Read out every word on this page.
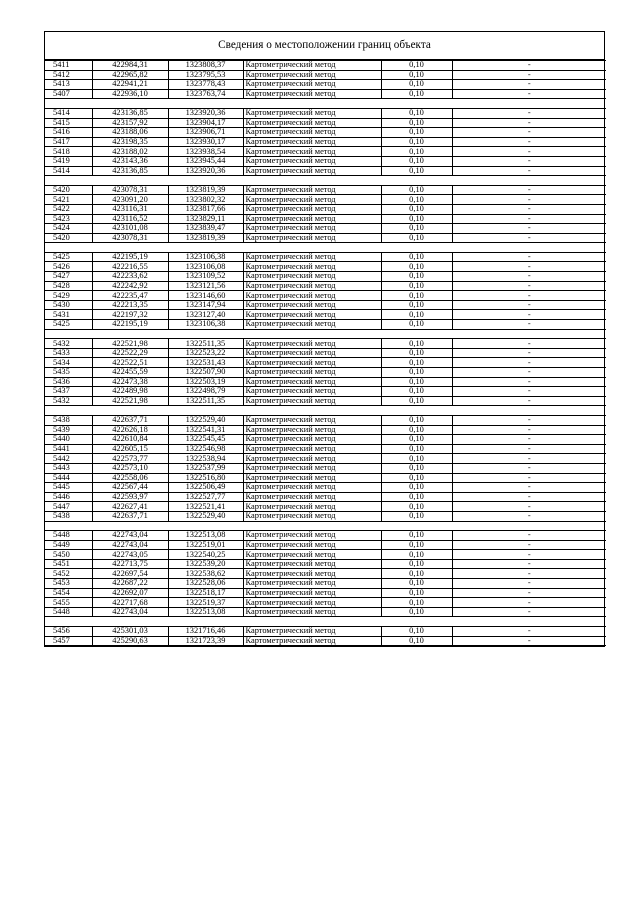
Сведения о местоположении границ объекта
5411	422984,31	1323808,37	Картометрический метод	0,10	-
5412	422965,82	1323795,53	Картометрический метод	0,10	-
5413	422941,21	1323778,43	Картометрический метод	0,10	-
5407	422936,10	1323763,74	Картометрический метод	0,10	-

5414	423136,85	1323920,36	Картометрический метод	0,10	-
5415	423157,92	1323904,17	Картометрический метод	0,10	-
5416	423188,06	1323906,71	Картометрический метод	0,10	-
5417	423198,35	1323930,17	Картометрический метод	0,10	-
5418	423188,02	1323938,54	Картометрический метод	0,10	-
5419	423143,36	1323945,44	Картометрический метод	0,10	-
5414	423136,85	1323920,36	Картометрический метод	0,10	-

5420	423078,31	1323819,39	Картометрический метод	0,10	-
5421	423091,20	1323802,32	Картометрический метод	0,10	-
5422	423116,31	1323817,66	Картометрический метод	0,10	-
5423	423116,52	1323829,11	Картометрический метод	0,10	-
5424	423101,08	1323839,47	Картометрический метод	0,10	-
5420	423078,31	1323819,39	Картометрический метод	0,10	-

5425	422195,19	1323106,38	Картометрический метод	0,10	-
5426	422216,55	1323106,08	Картометрический метод	0,10	-
5427	422233,62	1323109,52	Картометрический метод	0,10	-
5428	422242,92	1323121,56	Картометрический метод	0,10	-
5429	422235,47	1323146,60	Картометрический метод	0,10	-
5430	422213,35	1323147,94	Картометрический метод	0,10	-
5431	422197,32	1323127,40	Картометрический метод	0,10	-
5425	422195,19	1323106,38	Картометрический метод	0,10	-

5432	422521,98	1322511,35	Картометрический метод	0,10	-
5433	422522,29	1322523,22	Картометрический метод	0,10	-
5434	422522,51	1322531,43	Картометрический метод	0,10	-
5435	422455,59	1322507,90	Картометрический метод	0,10	-
5436	422473,38	1322503,19	Картометрический метод	0,10	-
5437	422489,98	1322498,79	Картометрический метод	0,10	-
5432	422521,98	1322511,35	Картометрический метод	0,10	-

5438	422637,71	1322529,40	Картометрический метод	0,10	-
5439	422626,18	1322541,31	Картометрический метод	0,10	-
5440	422610,84	1322545,45	Картометрический метод	0,10	-
5441	422605,15	1322546,98	Картометрический метод	0,10	-
5442	422573,77	1322538,94	Картометрический метод	0,10	-
5443	422573,10	1322537,99	Картометрический метод	0,10	-
5444	422558,06	1322516,80	Картометрический метод	0,10	-
5445	422567,44	1322506,49	Картометрический метод	0,10	-
5446	422593,97	1322527,77	Картометрический метод	0,10	-
5447	422627,41	1322521,41	Картометрический метод	0,10	-
5438	422637,71	1322529,40	Картометрический метод	0,10	-

5448	422743,04	1322513,08	Картометрический метод	0,10	-
5449	422743,04	1322519,01	Картометрический метод	0,10	-
5450	422743,05	1322540,25	Картометрический метод	0,10	-
5451	422713,75	1322539,20	Картометрический метод	0,10	-
5452	422697,54	1322538,62	Картометрический метод	0,10	-
5453	422687,22	1322528,06	Картометрический метод	0,10	-
5454	422692,07	1322518,17	Картометрический метод	0,10	-
5455	422717,68	1322519,37	Картометрический метод	0,10	-
5448	422743,04	1322513,08	Картометрический метод	0,10	-

5456	425301,03	1321716,46	Картометрический метод	0,10	-
5457	425290,63	1321723,39	Картометрический метод	0,10	-
